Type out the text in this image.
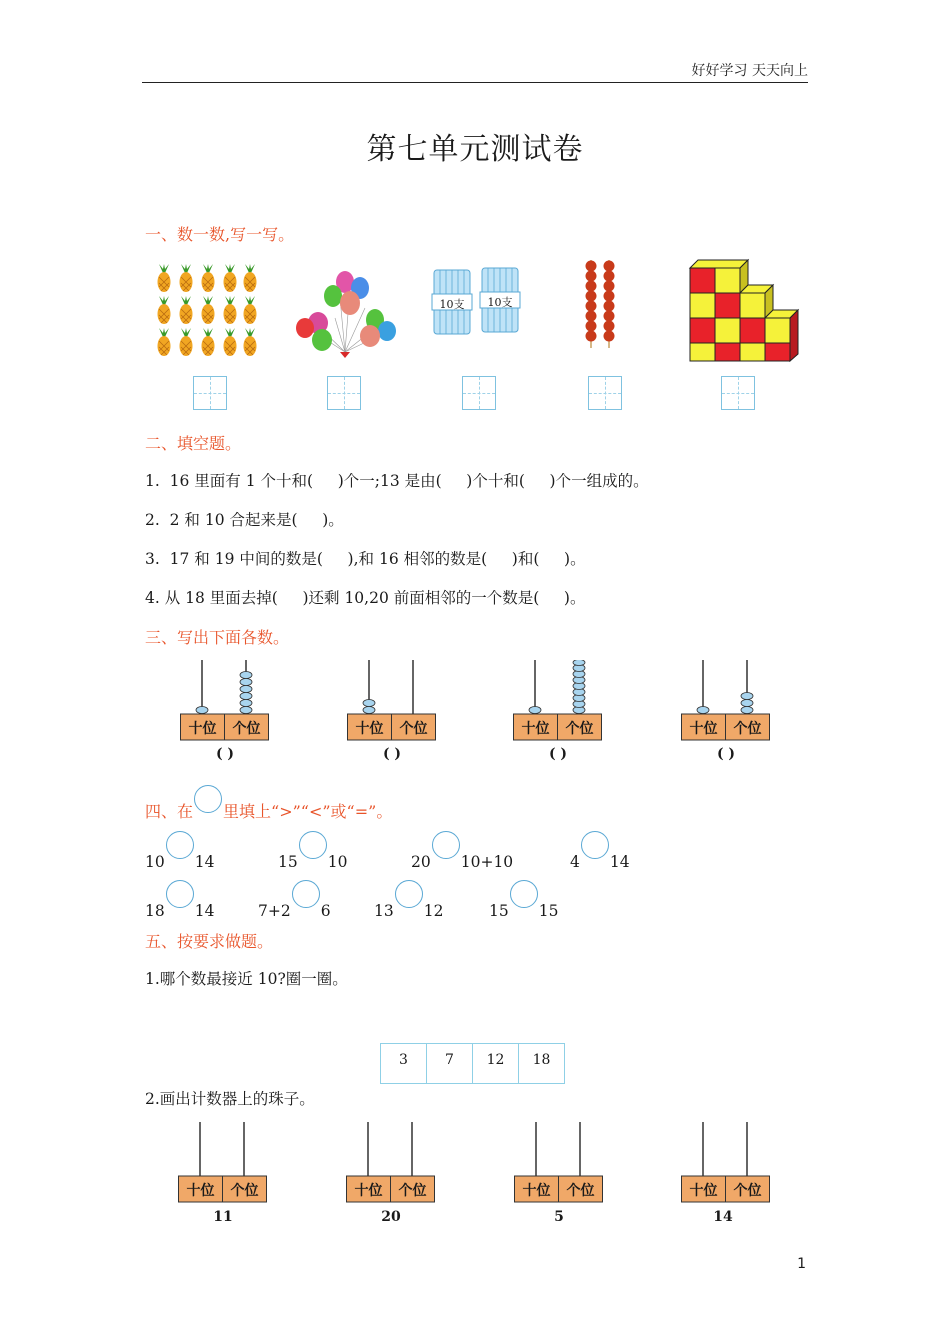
好好学习 天天向上
第七单元测试卷
一、数一数,写一写。
10支	10支
二、填空题。
1.  16 里面有 1 个十和(     )个一;13 是由(     )个十和(     )个一组成的。
2.  2 和 10 合起来是(     )。
3.  17 和 19 中间的数是(     ),和 16 相邻的数是(     )和(     )。
4. 从 18 里面去掉(     )还剩 10,20 前面相邻的一个数是(     )。
三、写出下面各数。
十位	个位
( )
十位	个位
( )
十位	个位
( )
十位	个位
( )
四、在 里填上“>”“<”或“=”。
10 14	15 10	20 10+10	4 14
18 14	7+2 6	13 12	15 15
五、按要求做题。
1.哪个数最接近 10?圈一圈。
3	7	12	18
2.画出计数器上的珠子。
十位	个位
11
十位	个位
20
十位	个位
5
十位	个位
14
1
